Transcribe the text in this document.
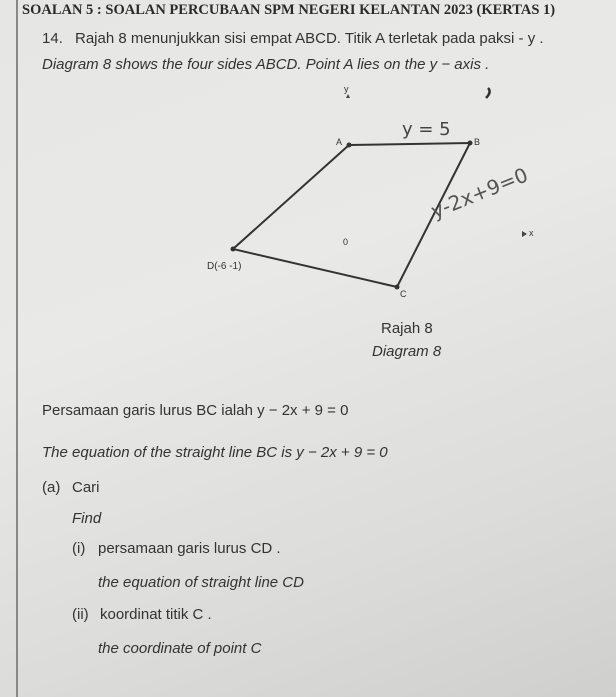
SOALAN 5 : SOALAN PERCUBAAN SPM NEGERI KELANTAN 2023 (KERTAS 1)
14. Rajah 8 menunjukkan sisi empat ABCD. Titik A terletak pada paksi - y .
Diagram 8 shows the four sides ABCD. Point A lies on the y − axis .
y
x
0
A	B
C
D(-6 -1)
y = 5
y-2x+9=0
Rajah 8
Diagram 8
Persamaan garis lurus BC ialah y − 2x + 9 = 0
The equation of the straight line BC is y − 2x + 9 = 0
(a) Cari
Find
(i) persamaan garis lurus CD .
the equation of straight line CD
(ii) koordinat titik C .
the coordinate of point C
